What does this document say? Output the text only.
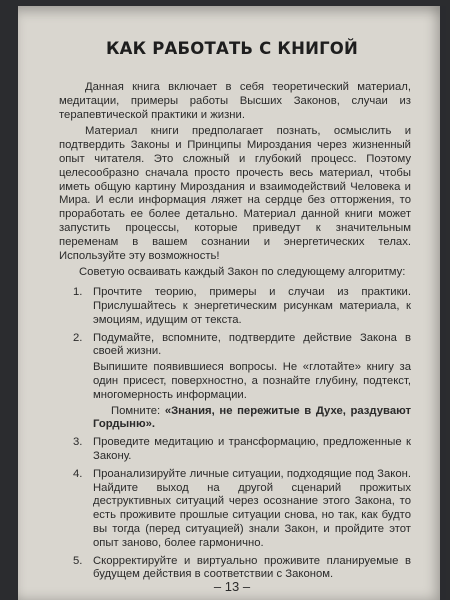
КАК РАБОТАТЬ С КНИГОЙ

Данная книга включает в себя теоретический материал, медитации, примеры работы Высших Законов, случаи из терапевтической практики и жизни.

Материал книги предполагает познать, осмыслить и подтвердить Законы и Принципы Мироздания через жизненный опыт читателя. Это сложный и глубокий процесс. Поэтому целесообразно сначала просто прочесть весь материал, чтобы иметь общую картину Мироздания и взаимодействий Человека и Мира. И если информация ляжет на сердце без отторжения, то проработать ее более детально. Материал данной книги может запустить процессы, которые приведут к значительным переменам в вашем сознании и энергетических телах. Используйте эту возможность!

Советую осваивать каждый Закон по следующему алгоритму:

1. Прочтите теорию, примеры и случаи из практики. Прислушайтесь к энергетическим рисункам материала, к эмоциям, идущим от текста.
2. Подумайте, вспомните, подтвердите действие Закона в своей жизни.
Выпишите появившиеся вопросы. Не «глотайте» книгу за один присест, поверхностно, а познайте глубину, подтекст, многомерность информации.
Помните: «Знания, не пережитые в Духе, раздувают Гордыню».
3. Проведите медитацию и трансформацию, предложенные к Закону.
4. Проанализируйте личные ситуации, подходящие под Закон. Найдите выход на другой сценарий прожитых деструктивных ситуаций через осознание этого Закона, то есть проживите прошлые ситуации снова, но так, как будто вы тогда (перед ситуацией) знали Закон, и пройдите этот опыт заново, более гармонично.
5. Скорректируйте и виртуально проживите планируемые в будущем действия в соответствии с Законом.
– 13 –
